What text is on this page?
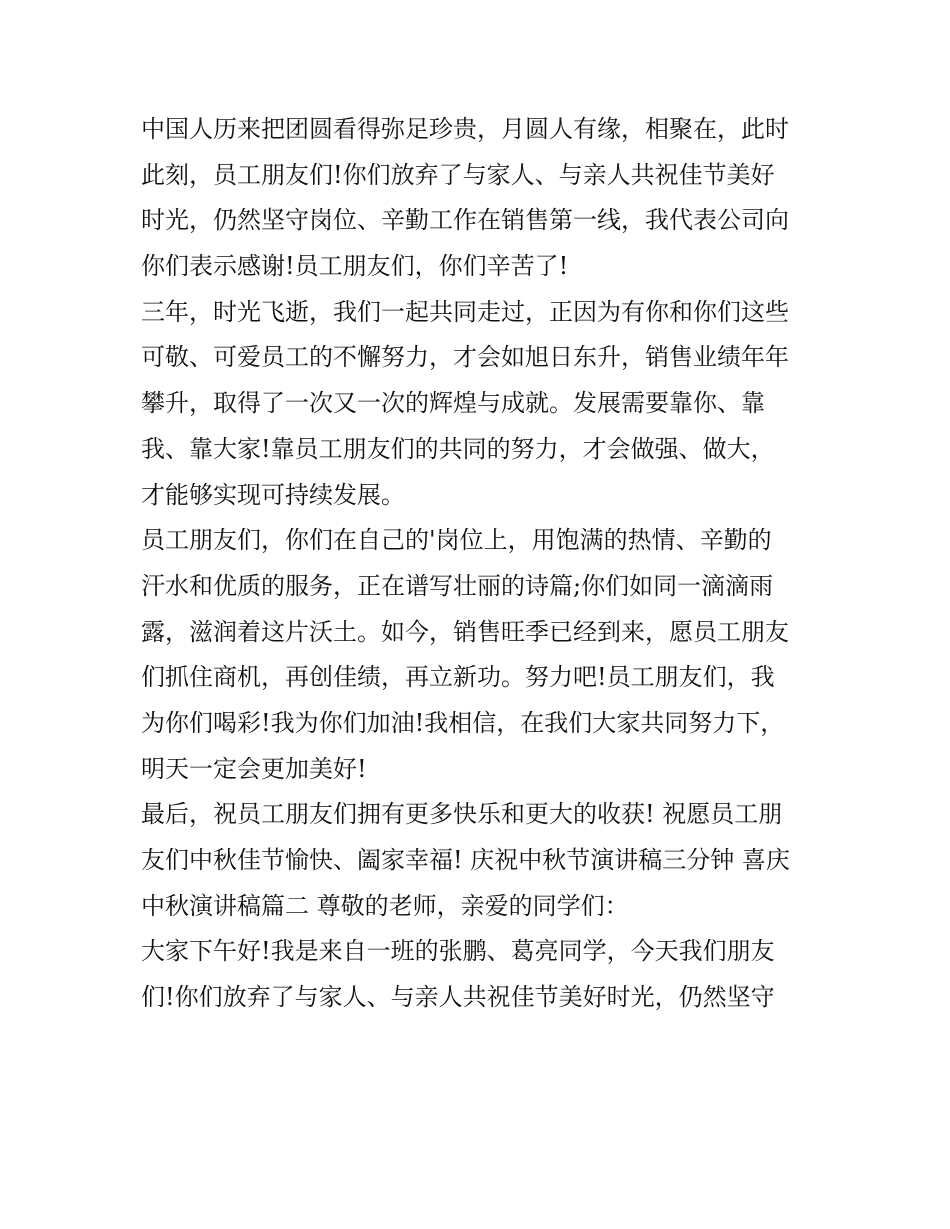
中国人历来把团圆看得弥足珍贵，月圆人有缘，相聚在，此时
此刻，员工朋友们!你们放弃了与家人、与亲人共祝佳节美好
时光，仍然坚守岗位、辛勤工作在销售第一线，我代表公司向
你们表示感谢!员工朋友们，你们辛苦了!
三年，时光飞逝，我们一起共同走过，正因为有你和你们这些
可敬、可爱员工的不懈努力，才会如旭日东升，销售业绩年年
攀升，取得了一次又一次的辉煌与成就。发展需要靠你、靠
我、靠大家!靠员工朋友们的共同的努力，才会做强、做大，
才能够实现可持续发展。
员工朋友们，你们在自己的'岗位上，用饱满的热情、辛勤的
汗水和优质的服务，正在谱写壮丽的诗篇;你们如同一滴滴雨
露，滋润着这片沃土。如今，销售旺季已经到来，愿员工朋友
们抓住商机，再创佳绩，再立新功。努力吧!员工朋友们，我
为你们喝彩!我为你们加油!我相信，在我们大家共同努力下，
明天一定会更加美好!
最后，祝员工朋友们拥有更多快乐和更大的收获! 祝愿员工朋
友们中秋佳节愉快、阖家幸福! 庆祝中秋节演讲稿三分钟 喜庆
中秋演讲稿篇二 尊敬的老师，亲爱的同学们：
大家下午好!我是来自一班的张鹏、葛亮同学，今天我们朋友
们!你们放弃了与家人、与亲人共祝佳节美好时光，仍然坚守
